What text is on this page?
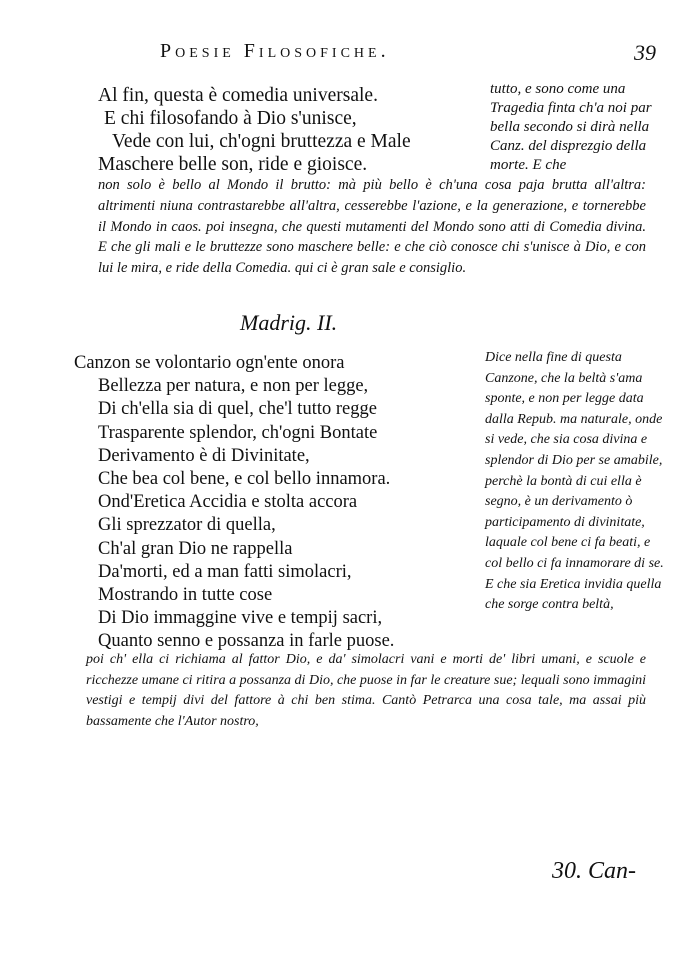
Poesie Filosofiche.	39
Al fin, questa è comedia universale.
E chi filosofando à Dio s'unisce,
Vede con lui, ch'ogni bruttezza e Male
Maschere belle son, ride e gioisce.
tutto, e sono come una Tragedia finta ch'a noi par bella secondo si dirà nella Canz. del disprezgio della morte. E che
non solo è bello al Mondo il brutto: mà più bello è ch'una cosa paja brutta all'altra: altrimenti niuna contrastarebbe all'altra, cesserebbe l'azione, e la generazione, e tornerebbe il Mondo in caos. poi insegna, che questi mutamenti del Mondo sono atti di Comedia divina. E che gli mali e le bruttezze sono maschere belle: e che ciò conosce chi s'unisce à Dio, e con lui le mira, e ride della Comedia. qui ci è gran sale e consiglio.
Madrig. II.
Canzon se volontario ogn'ente onora
Bellezza per natura, e non per legge,
Di ch'ella sia di quel, che'l tutto regge
Trasparente splendor, ch'ogni Bontate
Derivamento è di Divinitate,
Che bea col bene, e col bello innamora.
Ond'Eretica Accidia e stolta accora
Gli sprezzator di quella,
Ch'al gran Dio ne rappella
Da'morti, ed a man fatti simolacri,
Mostrando in tutte cose
Di Dio immaggine vive e tempij sacri,
Quanto senno e possanza in farle puose.
Dice nella fine di questa Canzone, che la beltà s'ama sponte, e non per legge data dalla Repub. ma naturale, onde si vede, che sia cosa divina e splendor di Dio per se amabile, perchè la bontà di cui ella è segno, è un derivamento ò participamento di divinitate, laquale col bene ci fa beati, e col bello ci fa innamorare di se. E che sia Eretica invidia quella che sorge contra beltà,
poi ch' ella ci richiama al fattor Dio, e da' simolacri vani e morti de' libri umani, e scuole e ricchezze umane ci ritira a possanza di Dio, che puose in far le creature sue; lequali sono immagini vestigi e tempij divi del fattore à chi ben stima. Cantò Petrarca una cosa tale, ma assai più bassamente che l'Autor nostro,
30. Can-
